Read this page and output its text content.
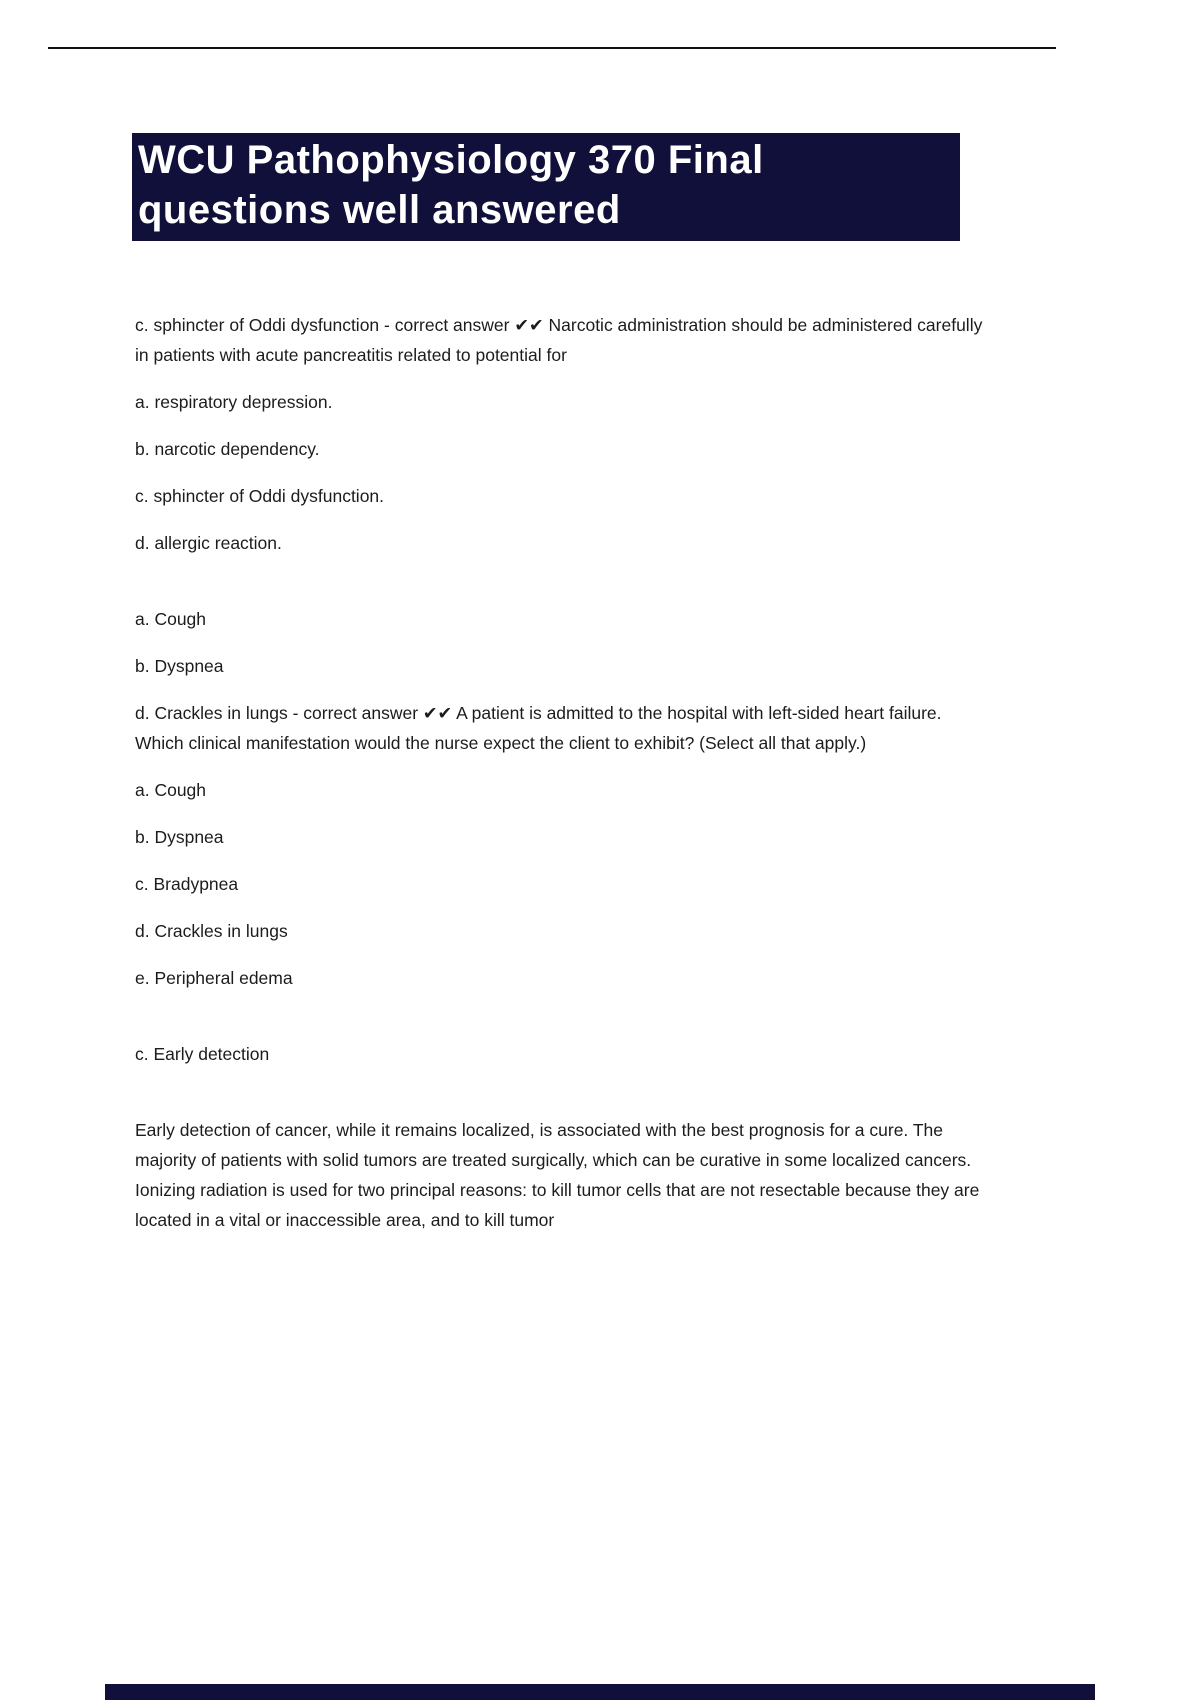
WCU Pathophysiology 370 Final
questions well answered

c. sphincter of Oddi dysfunction - correct answer ✔✔ Narcotic administration should be administered carefully in patients with acute pancreatitis related to potential for

a. respiratory depression.

b. narcotic dependency.

c. sphincter of Oddi dysfunction.

d. allergic reaction.

a. Cough

b. Dyspnea

d. Crackles in lungs - correct answer ✔✔ A patient is admitted to the hospital with left-sided heart failure. Which clinical manifestation would the nurse expect the client to exhibit? (Select all that apply.)

a. Cough

b. Dyspnea

c. Bradypnea

d. Crackles in lungs

e. Peripheral edema

c. Early detection

Early detection of cancer, while it remains localized, is associated with the best prognosis for a cure. The majority of patients with solid tumors are treated surgically, which can be curative in some localized cancers. Ionizing radiation is used for two principal reasons: to kill tumor cells that are not resectable because they are located in a vital or inaccessible area, and to kill tumor
